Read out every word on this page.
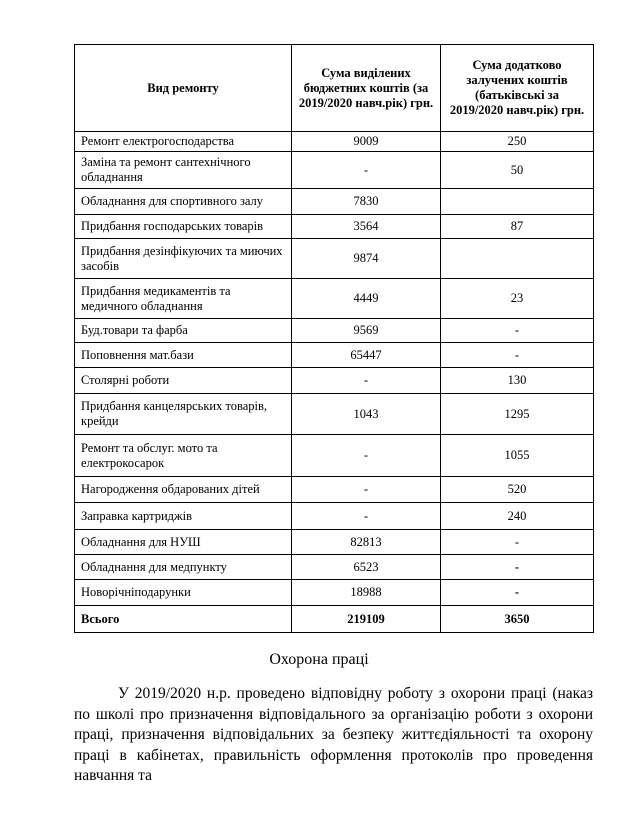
Вид ремонту	Сума виділених бюджетних коштів (за 2019/2020 навч.рік) грн.	Сума додатково залучених коштів (батьківські за 2019/2020 навч.рік) грн.
Ремонт електрогосподарства	9009	250
Заміна та ремонт сантехнічного обладнання	-	50
Обладнання для спортивного залу	7830	
Придбання господарських товарів	3564	87
Придбання дезінфікуючих та миючих засобів	9874	
Придбання медикаментів та медичного обладнання	4449	23
Буд.товари та фарба	9569	-
Поповнення мат.бази	65447	-
Столярні роботи	-	130
Придбання канцелярських товарів, крейди	1043	1295
Ремонт та обслуг. мото та електрокосарок	-	1055
Нагородження обдарованих дітей	-	520
Заправка картриджів	-	240
Обладнання для НУШ	82813	-
Обладнання для медпункту	6523	-
Новорічніподарунки	18988	-
Всього	219109	3650
Охорона праці

У 2019/2020 н.р. проведено відповідну роботу з охорони праці (наказ по школі про призначення відповідального за організацію роботи з охорони праці, призначення відповідальних за безпеку життєдіяльності та охорону праці в кабінетах, правильність оформлення протоколів про проведення навчання та
